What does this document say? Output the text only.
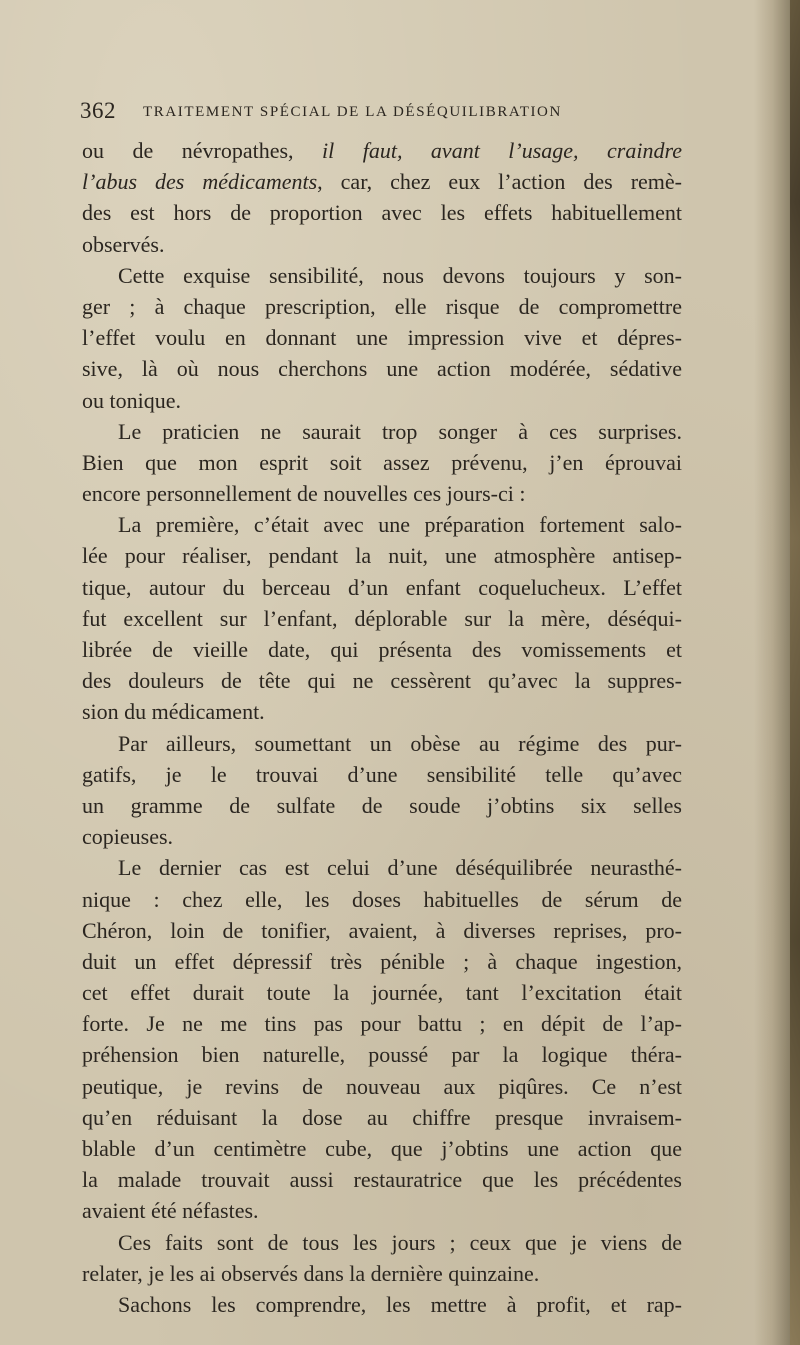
362 TRAITEMENT SPÉCIAL DE LA DÉSÉQUILIBRATION
ou de névropathes, il faut, avant l’usage, craindre
l’abus des médicaments, car, chez eux l’action des remè-
des est hors de proportion avec les effets habituellement
observés.
Cette exquise sensibilité, nous devons toujours y son-
ger ; à chaque prescription, elle risque de compromettre
l’effet voulu en donnant une impression vive et dépres-
sive, là où nous cherchons une action modérée, sédative
ou tonique.
Le praticien ne saurait trop songer à ces surprises.
Bien que mon esprit soit assez prévenu, j’en éprouvai
encore personnellement de nouvelles ces jours-ci :
La première, c’était avec une préparation fortement salo-
lée pour réaliser, pendant la nuit, une atmosphère antisep-
tique, autour du berceau d’un enfant coquelucheux. L’effet
fut excellent sur l’enfant, déplorable sur la mère, déséqui-
librée de vieille date, qui présenta des vomissements et
des douleurs de tête qui ne cessèrent qu’avec la suppres-
sion du médicament.
Par ailleurs, soumettant un obèse au régime des pur-
gatifs, je le trouvai d’une sensibilité telle qu’avec
un gramme de sulfate de soude j’obtins six selles
copieuses.
Le dernier cas est celui d’une déséquilibrée neurasthé-
nique : chez elle, les doses habituelles de sérum de
Chéron, loin de tonifier, avaient, à diverses reprises, pro-
duit un effet dépressif très pénible ; à chaque ingestion,
cet effet durait toute la journée, tant l’excitation était
forte. Je ne me tins pas pour battu ; en dépit de l’ap-
préhension bien naturelle, poussé par la logique théra-
peutique, je revins de nouveau aux piqûres. Ce n’est
qu’en réduisant la dose au chiffre presque invraisem-
blable d’un centimètre cube, que j’obtins une action que
la malade trouvait aussi restauratrice que les précédentes
avaient été néfastes.
Ces faits sont de tous les jours ; ceux que je viens de
relater, je les ai observés dans la dernière quinzaine.
Sachons les comprendre, les mettre à profit, et rap-
